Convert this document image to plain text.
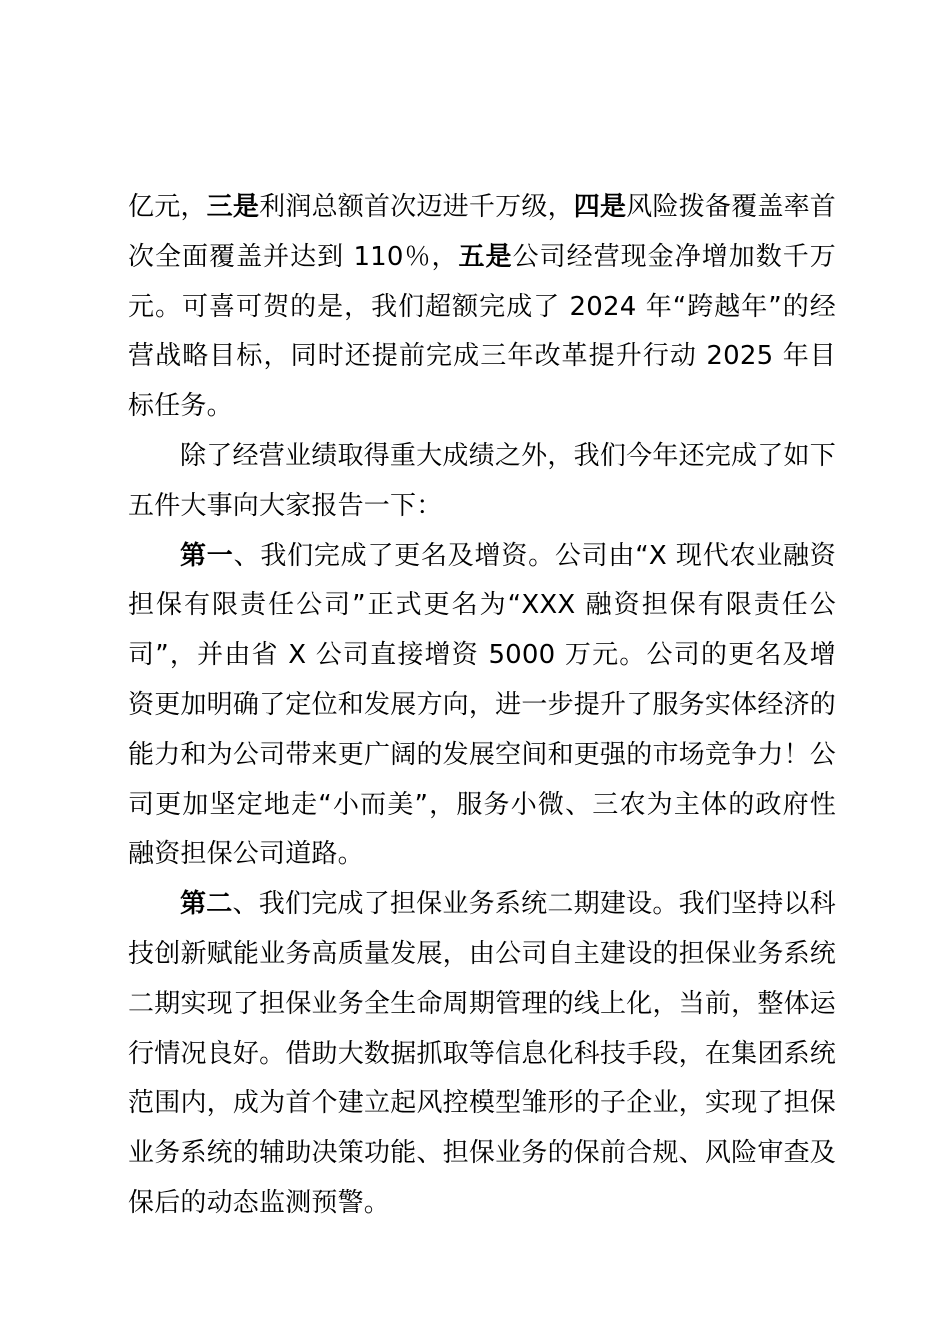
亿元，三是利润总额首次迈进千万级，四是风险拨备覆盖率首次全面覆盖并达到 110％，五是公司经营现金净增加数千万元。可喜可贺的是，我们超额完成了 2024 年“跨越年”的经营战略目标，同时还提前完成三年改革提升行动 2025 年目标任务。

除了经营业绩取得重大成绩之外，我们今年还完成了如下五件大事向大家报告一下：

第一、我们完成了更名及增资。公司由“X 现代农业融资担保有限责任公司”正式更名为“XXX 融资担保有限责任公司”，并由省 X 公司直接增资 5000 万元。公司的更名及增资更加明确了定位和发展方向，进一步提升了服务实体经济的能力和为公司带来更广阔的发展空间和更强的市场竞争力！公司更加坚定地走“小而美”，服务小微、三农为主体的政府性融资担保公司道路。

第二、我们完成了担保业务系统二期建设。我们坚持以科技创新赋能业务高质量发展，由公司自主建设的担保业务系统二期实现了担保业务全生命周期管理的线上化，当前，整体运行情况良好。借助大数据抓取等信息化科技手段，在集团系统范围内，成为首个建立起风控模型雏形的子企业，实现了担保业务系统的辅助决策功能、担保业务的保前合规、风险审查及保后的动态监测预警。
